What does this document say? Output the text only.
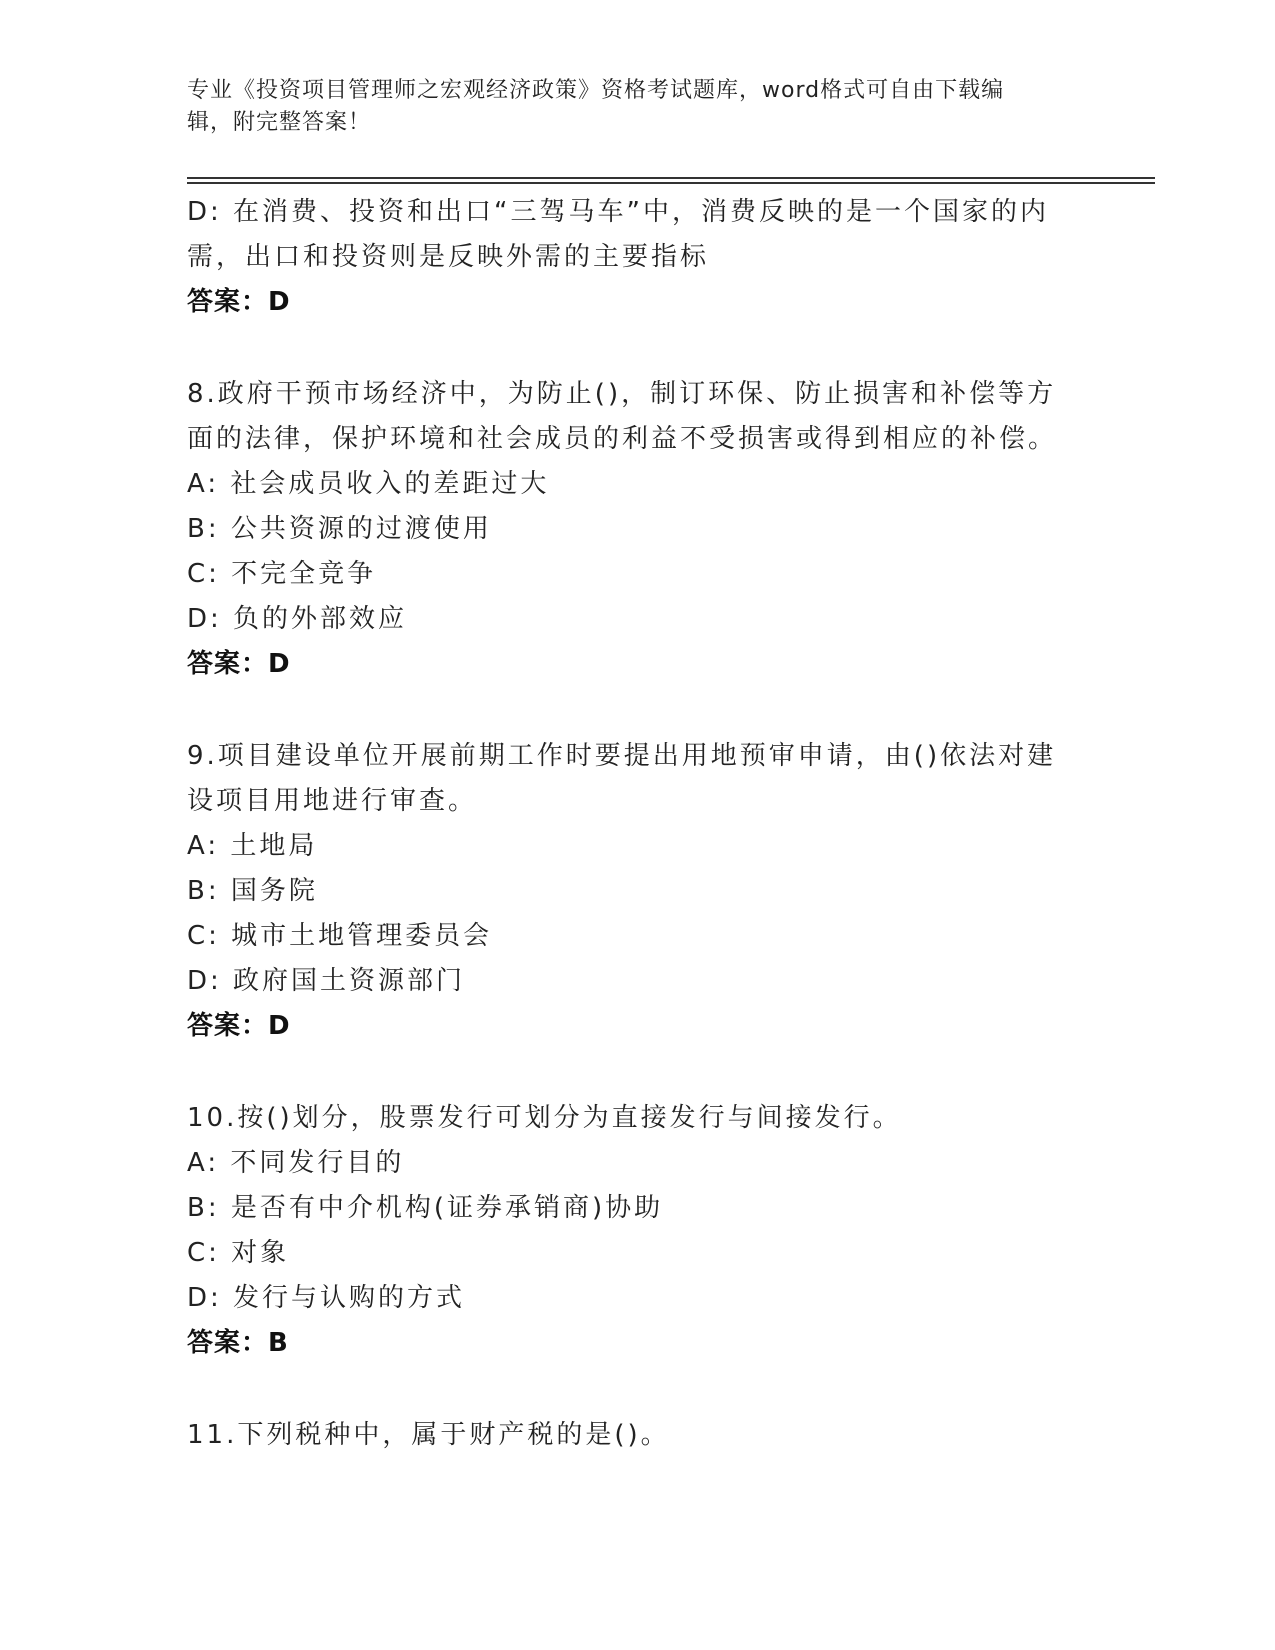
专业《投资项目管理师之宏观经济政策》资格考试题库，word格式可自由下载编
辑，附完整答案！
D: 在消费、投资和出口“三驾马车”中，消费反映的是一个国家的内
需，出口和投资则是反映外需的主要指标
答案：D
8.政府干预市场经济中，为防止()，制订环保、防止损害和补偿等方
面的法律，保护环境和社会成员的利益不受损害或得到相应的补偿。
A: 社会成员收入的差距过大
B: 公共资源的过渡使用
C: 不完全竞争
D: 负的外部效应
答案：D
9.项目建设单位开展前期工作时要提出用地预审申请，由()依法对建
设项目用地进行审查。
A: 土地局
B: 国务院
C: 城市土地管理委员会
D: 政府国土资源部门
答案：D
10.按()划分，股票发行可划分为直接发行与间接发行。
A: 不同发行目的
B: 是否有中介机构(证券承销商)协助
C: 对象
D: 发行与认购的方式
答案：B
11.下列税种中，属于财产税的是()。
